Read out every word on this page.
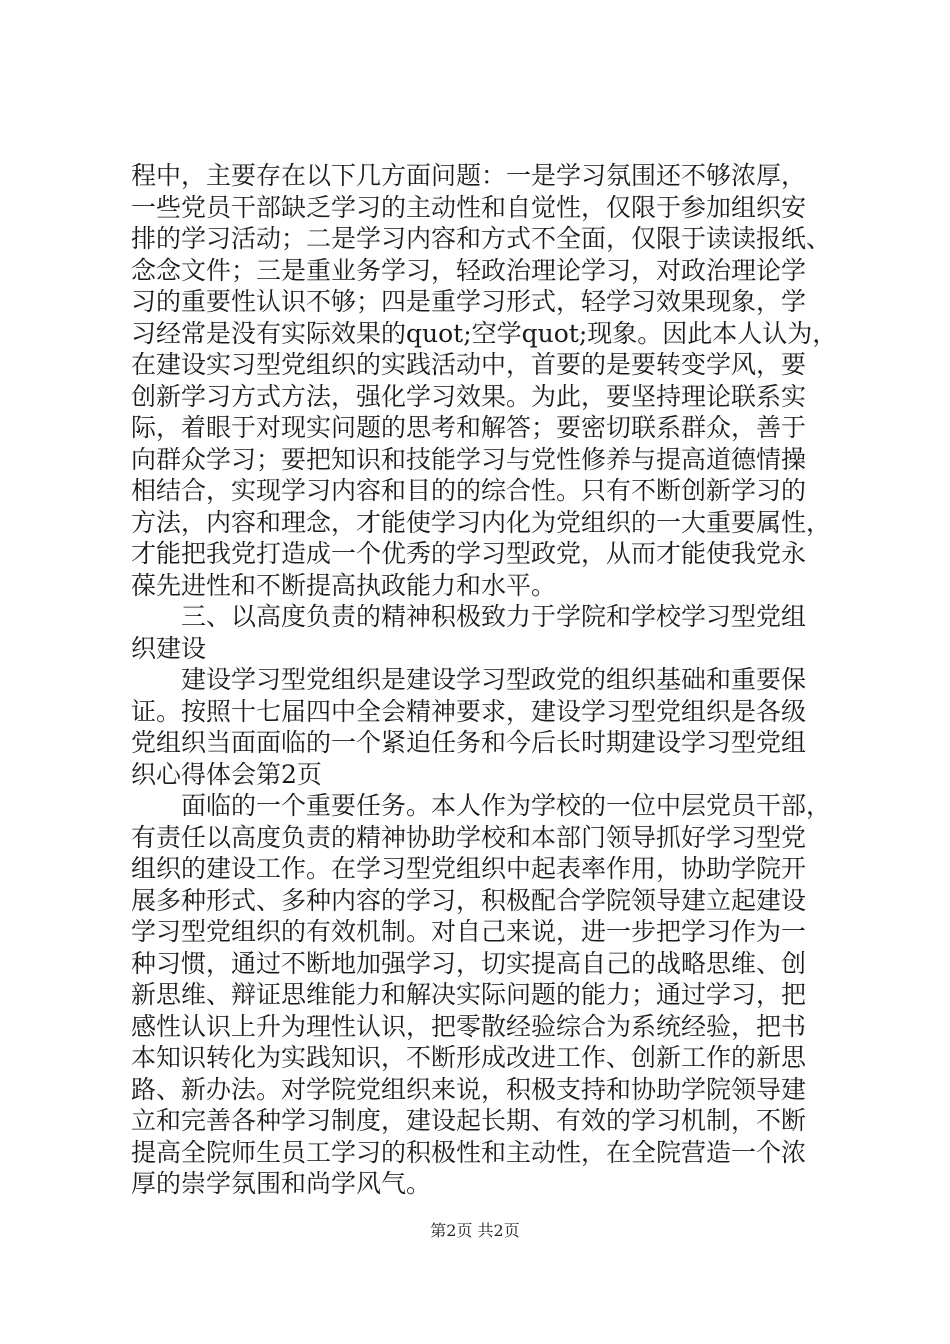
程中，主要存在以下几方面问题：一是学习氛围还不够浓厚，
一些党员干部缺乏学习的主动性和自觉性，仅限于参加组织安
排的学习活动；二是学习内容和方式不全面，仅限于读读报纸、
念念文件；三是重业务学习，轻政治理论学习，对政治理论学
习的重要性认识不够；四是重学习形式，轻学习效果现象，学
习经常是没有实际效果的quot;空学quot;现象。因此本人认为，
在建设实习型党组织的实践活动中，首要的是要转变学风，要
创新学习方式方法，强化学习效果。为此，要坚持理论联系实
际，着眼于对现实问题的思考和解答；要密切联系群众，善于
向群众学习；要把知识和技能学习与党性修养与提高道德情操
相结合，实现学习内容和目的的综合性。只有不断创新学习的
方法，内容和理念，才能使学习内化为党组织的一大重要属性，
才能把我党打造成一个优秀的学习型政党，从而才能使我党永
葆先进性和不断提高执政能力和水平。
三、以高度负责的精神积极致力于学院和学校学习型党组
织建设
建设学习型党组织是建设学习型政党的组织基础和重要保
证。按照十七届四中全会精神要求，建设学习型党组织是各级
党组织当面面临的一个紧迫任务和今后长时期建设学习型党组
织心得体会第2页
面临的一个重要任务。本人作为学校的一位中层党员干部，
有责任以高度负责的精神协助学校和本部门领导抓好学习型党
组织的建设工作。在学习型党组织中起表率作用，协助学院开
展多种形式、多种内容的学习，积极配合学院领导建立起建设
学习型党组织的有效机制。对自己来说，进一步把学习作为一
种习惯，通过不断地加强学习，切实提高自己的战略思维、创
新思维、辩证思维能力和解决实际问题的能力；通过学习，把
感性认识上升为理性认识，把零散经验综合为系统经验，把书
本知识转化为实践知识，不断形成改进工作、创新工作的新思
路、新办法。对学院党组织来说，积极支持和协助学院领导建
立和完善各种学习制度，建设起长期、有效的学习机制，不断
提高全院师生员工学习的积极性和主动性，在全院营造一个浓
厚的崇学氛围和尚学风气。
第2页 共2页
